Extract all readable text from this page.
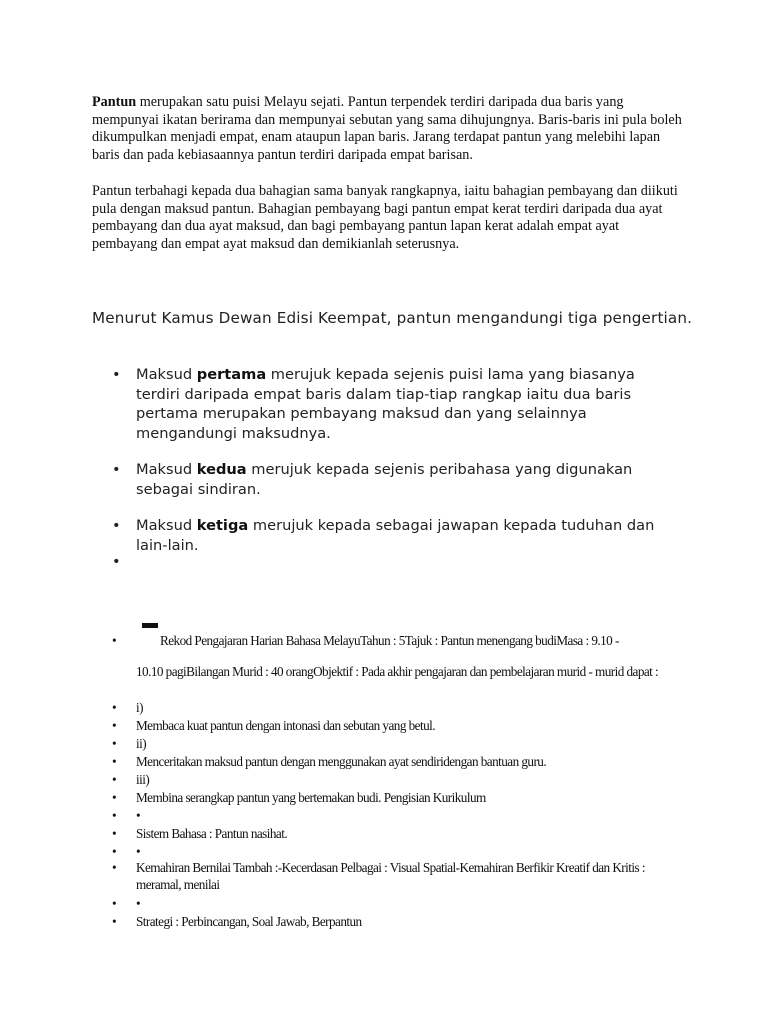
Pantun merupakan satu puisi Melayu sejati. Pantun terpendek terdiri daripada dua baris yang mempunyai ikatan berirama dan mempunyai sebutan yang sama dihujungnya. Baris-baris ini pula boleh dikumpulkan menjadi empat, enam ataupun lapan baris. Jarang terdapat pantun yang melebihi lapan baris dan pada kebiasaannya pantun terdiri daripada empat barisan.
Pantun terbahagi kepada dua bahagian sama banyak rangkapnya, iaitu bahagian pembayang dan diikuti pula dengan maksud pantun. Bahagian pembayang bagi pantun empat kerat terdiri daripada dua ayat pembayang dan dua ayat maksud, dan bagi pembayang pantun lapan kerat adalah empat ayat pembayang dan empat ayat maksud dan demikianlah seterusnya.
Menurut Kamus Dewan Edisi Keempat, pantun mengandungi tiga pengertian.
• Maksud pertama merujuk kepada sejenis puisi lama yang biasanya terdiri daripada empat baris dalam tiap-tiap rangkap iaitu dua baris pertama merupakan pembayang maksud dan yang selainnya mengandungi maksudnya.
• Maksud kedua merujuk kepada sejenis peribahasa yang digunakan sebagai sindiran.
• Maksud ketiga merujuk kepada sebagai jawapan kepada tuduhan dan lain-lain.
•

•	Rekod Pengajaran Harian Bahasa MelayuTahun : 5Tajuk : Pantun menengang budiMasa : 9.10 -
10.10 pagiBilangan Murid : 40 orangObjektif : Pada akhir pengajaran dan pembelajaran murid - murid dapat :
•	i)
•	Membaca kuat pantun dengan intonasi dan sebutan yang betul.
•	ii)
•	Menceritakan maksud pantun dengan menggunakan ayat sendiridengan bantuan guru.
•	iii)
•	Membina serangkap pantun yang bertemakan budi. Pengisian Kurikulum
•	•
•	Sistem Bahasa : Pantun nasihat.
•	•
•	Kemahiran Bernilai Tambah :-Kecerdasan Pelbagai : Visual Spatial-Kemahiran Berfikir Kreatif dan Kritis : meramal, menilai
•	•
•	Strategi : Perbincangan, Soal Jawab, Berpantun
